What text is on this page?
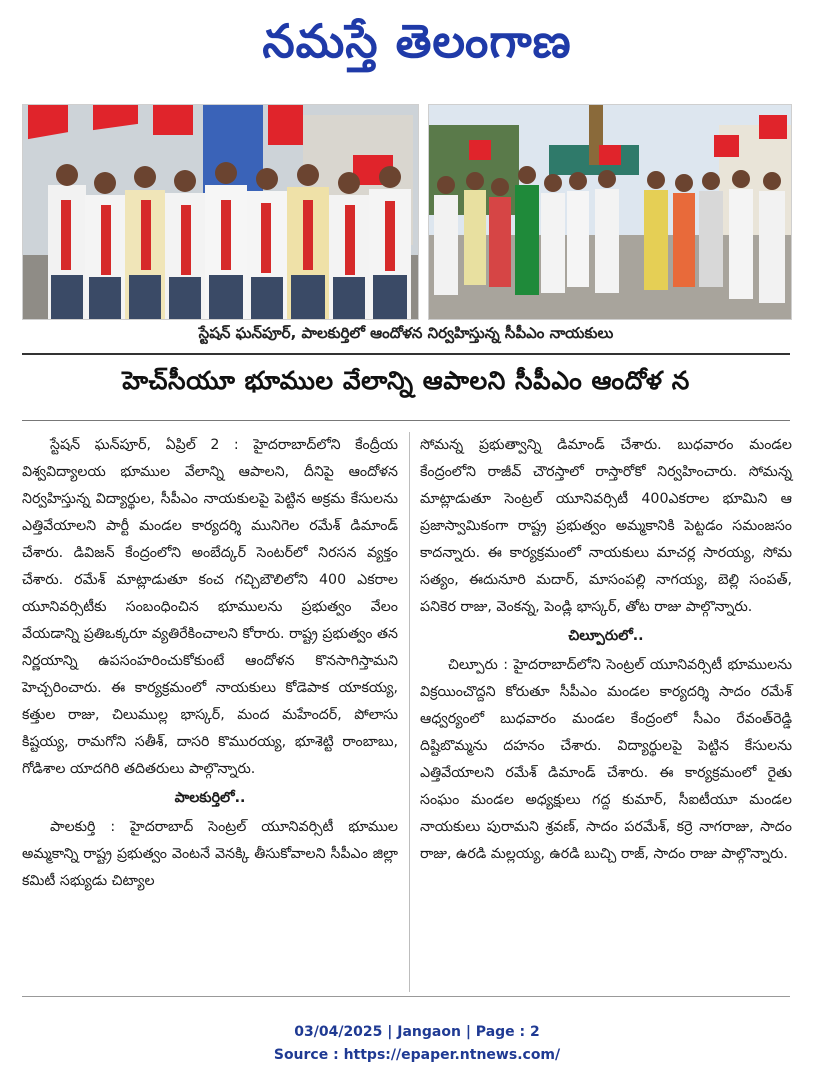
నమస్తే తెలంగాణ
స్టేషన్ ఘన్‌పూర్, పాలకుర్తిలో ఆందోళన నిర్వహిస్తున్న సీపీఎం నాయకులు
హెచ్‌సీయూ భూముల వేలాన్ని ఆపాలని సీపీఎం ఆందోళ న

స్టేషన్ ఘన్‌పూర్, ఏప్రిల్ 2 : హైదరాబాద్‌లోని కేంద్రీయ విశ్వవిద్యాలయ భూముల వేలాన్ని ఆపాలని, దీనిపై ఆందోళన నిర్వహిస్తున్న విద్యార్థుల, సీపీఎం నాయకులపై పెట్టిన అక్రమ కేసులను ఎత్తివేయాలని పార్టీ మండల కార్యదర్శి మునిగెల రమేశ్ డిమాండ్ చేశారు. డివిజన్ కేంద్రంలోని అంబేద్కర్ సెంటర్‌లో నిరసన వ్యక్తం చేశారు. రమేశ్ మాట్లాడుతూ కంచ గచ్చిబౌలిలోని 400 ఎకరాల యూనివర్సిటీకు సంబంధించిన భూములను ప్రభుత్వం వేలం వేయడాన్ని ప్రతిఒక్కరూ వ్యతిరేకించాలని కోరారు. రాష్ట్ర ప్రభుత్వం తన నిర్ణయాన్ని ఉపసంహరించుకోకుంటే ఆందోళన కొనసాగిస్తామని హెచ్చరించారు. ఈ కార్యక్రమంలో నాయకులు కోడెపాక యాకయ్య, కత్తుల రాజు, చిలుముల్ల భాస్కర్, మంద మహేందర్, పోలాసు కిష్టయ్య, రామగోని సతీశ్, దాసరి కొమురయ్య, భూశెట్టి రాంబాబు, గోడిశాల యాదగిరి తదితరులు పాల్గొన్నారు.

పాలకుర్తిలో..

పాలకుర్తి : హైదరాబాద్ సెంట్రల్ యూనివర్సిటీ భూముల అమ్మకాన్ని రాష్ట్ర ప్రభుత్వం వెంటనే వెనక్కి తీసుకోవాలని సీపీఎం జిల్లా కమిటీ సభ్యుడు చిట్యాల

సోమన్న ప్రభుత్వాన్ని డిమాండ్ చేశారు. బుధవారం మండల కేంద్రంలోని రాజీవ్ చౌరస్తాలో రాస్తారోకో నిర్వహించారు. సోమన్న మాట్లాడుతూ సెంట్రల్ యూనివర్సిటీ 400ఎకరాల భూమిని ఆ ప్రజాస్వామికంగా రాష్ట్ర ప్రభుత్వం అమ్మకానికి పెట్టడం సమంజసం కాదన్నారు. ఈ కార్యక్రమంలో నాయకులు మాచర్ల సారయ్య, సోమ సత్యం, ఈదునూరి మదార్, మాసంపల్లి నాగయ్య, బెల్లి సంపత్, పనికెర రాజు, వెంకన్న, పెండ్లి భాస్కర్, తోట రాజు పాల్గొన్నారు.

చిల్పూరులో..

చిల్పూరు : హైదరాబాద్‌లోని సెంట్రల్ యూనివర్సిటీ భూములను విక్రయించొద్దని కోరుతూ సీపీఎం మండల కార్యదర్శి సాదం రమేశ్ ఆధ్వర్యంలో బుధవారం మండల కేంద్రంలో సీఎం రేవంత్‌రెడ్డి దిష్టిబొమ్మను దహనం చేశారు. విద్యార్థులపై పెట్టిన కేసులను ఎత్తివేయాలని రమేశ్ డిమాండ్ చేశారు. ఈ కార్యక్రమంలో రైతు సంఘం మండల అధ్యక్షులు గద్ద కుమార్, సీఐటీయూ మండల నాయకులు పురామని శ్రవణ్, సాదం పరమేశ్, కర్రె నాగరాజు, సాదం రాజు, ఉరడి మల్లయ్య, ఉరడి బుచ్చి రాజ్, సాదం రాజు పాల్గొన్నారు.

03/04/2025 | Jangaon | Page : 2
Source : https://epaper.ntnews.com/
